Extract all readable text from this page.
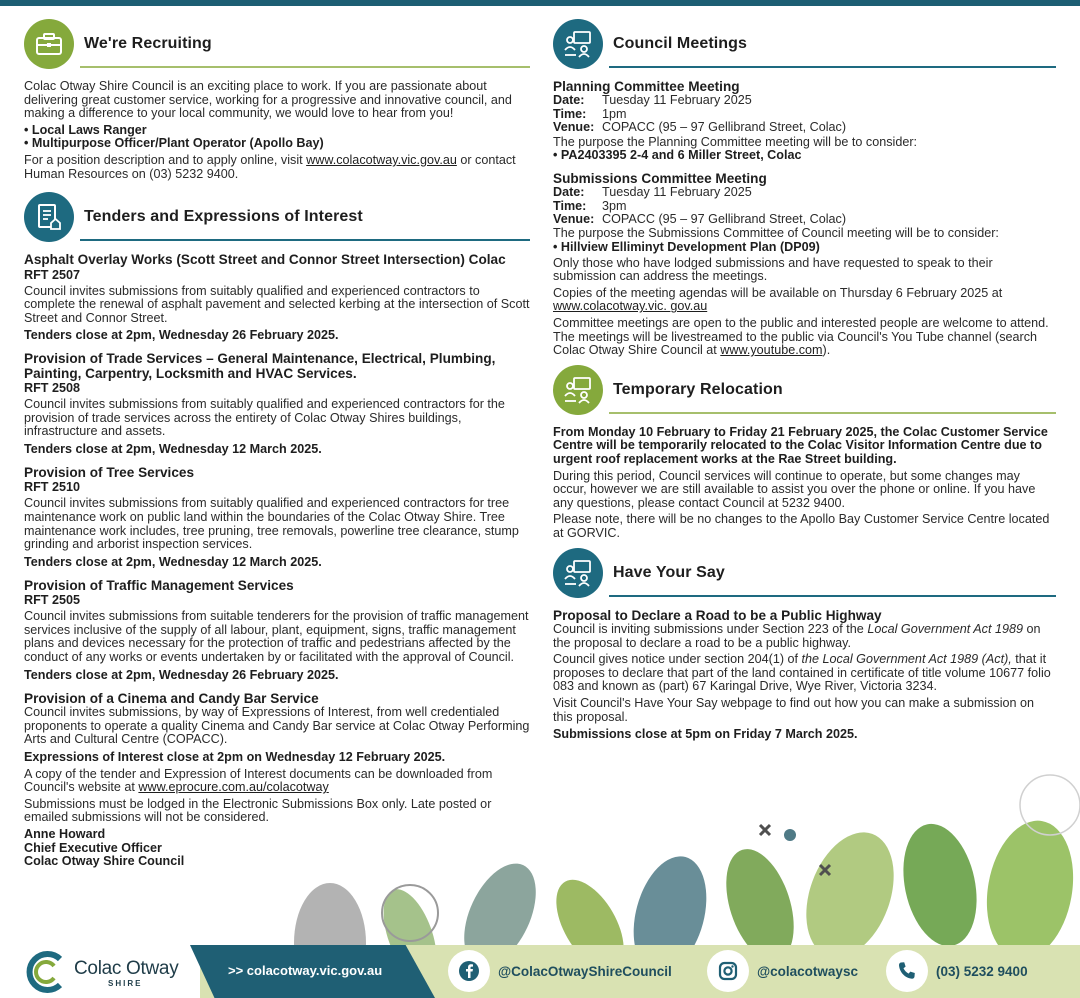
We're Recruiting

Colac Otway Shire Council is an exciting place to work. If you are passionate about delivering great customer service, working for a progressive and innovative council, and making a difference to your local community, we would love to hear from you!

• Local Laws Ranger
• Multipurpose Officer/Plant Operator (Apollo Bay)

For a position description and to apply online, visit www.colacotway.vic.gov.au or contact Human Resources on (03) 5232 9400.

Tenders and Expressions of Interest
Asphalt Overlay Works (Scott Street and Connor Street Intersection) Colac
RFT 2507

Council invites submissions from suitably qualified and experienced contractors to complete the renewal of asphalt pavement and selected kerbing at the intersection of Scott Street and Connor Street.

Tenders close at 2pm, Wednesday 26 February 2025.
Provision of Trade Services – General Maintenance, Electrical, Plumbing, Painting, Carpentry, Locksmith and HVAC Services.
RFT 2508

Council invites submissions from suitably qualified and experienced contractors for the provision of trade services across the entirety of Colac Otway Shires buildings, infrastructure and assets.

Tenders close at 2pm, Wednesday 12 March 2025.
Provision of Tree Services
RFT 2510

Council invites submissions from suitably qualified and experienced contractors for tree maintenance work on public land within the boundaries of the Colac Otway Shire. Tree maintenance work includes, tree pruning, tree removals, powerline tree clearance, stump grinding and arborist inspection services.

Tenders close at 2pm, Wednesday 12 March 2025.
Provision of Traffic Management Services
RFT 2505

Council invites submissions from suitable tenderers for the provision of traffic management services inclusive of the supply of all labour, plant, equipment, signs, traffic management plans and devices necessary for the protection of traffic and pedestrians affected by the conduct of any works or events undertaken by or facilitated with the approval of Council.

Tenders close at 2pm, Wednesday 26 February 2025.
Provision of a Cinema and Candy Bar Service

Council invites submissions, by way of Expressions of Interest, from well credentialed proponents to operate a quality Cinema and Candy Bar service at Colac Otway Performing Arts and Cultural Centre (COPACC).

Expressions of Interest close at 2pm on Wednesday 12 February 2025.

A copy of the tender and Expression of Interest documents can be downloaded from Council's website at www.eprocure.com.au/colacotway

Submissions must be lodged in the Electronic Submissions Box only. Late posted or emailed submissions will not be considered.

Anne Howard
Chief Executive Officer
Colac Otway Shire Council
Council Meetings
Planning Committee Meeting
Date:	Tuesday 11 February 2025
Time:	1pm
Venue: COPACC (95 – 97 Gellibrand Street, Colac)

The purpose the Planning Committee meeting will be to consider:

• PA2403395 2-4 and 6 Miller Street, Colac
Submissions Committee Meeting
Date:	Tuesday 11 February 2025
Time:	3pm
Venue: COPACC (95 – 97 Gellibrand Street, Colac)

The purpose the Submissions Committee of Council meeting will be to consider:

• Hillview Elliminyt Development Plan (DP09)

Only those who have lodged submissions and have requested to speak to their submission can address the meetings.

Copies of the meeting agendas will be available on Thursday 6 February 2025 at www.colacotway.vic. gov.au

Committee meetings are open to the public and interested people are welcome to attend. The meetings will be livestreamed to the public via Council's You Tube channel (search Colac Otway Shire Council at www.youtube.com).

Temporary Relocation

From Monday 10 February to Friday 21 February 2025, the Colac Customer Service Centre will be temporarily relocated to the Colac Visitor Information Centre due to urgent roof replacement works at the Rae Street building.

During this period, Council services will continue to operate, but some changes may occur, however we are still available to assist you over the phone or online. If you have any questions, please contact Council at 5232 9400.

Please note, there will be no changes to the Apollo Bay Customer Service Centre located at GORVIC.

Have Your Say
Proposal to Declare a Road to be a Public Highway

Council is inviting submissions under Section 223 of the Local Government Act 1989 on the proposal to declare a road to be a public highway.

Council gives notice under section 204(1) of the Local Government Act 1989 (Act), that it proposes to declare that part of the land contained in certificate of title volume 10677 folio 083 and known as (part) 67 Karingal Drive, Wye River, Victoria 3234.

Visit Council's Have Your Say webpage to find out how you can make a submission on this proposal.

Submissions close at 5pm on Friday 7 March 2025.
Colac Otway
SHIRE
>> colacotway.vic.gov.au	@ColacOtwayShireCouncil	@colacotwaysc	(03) 5232 9400
